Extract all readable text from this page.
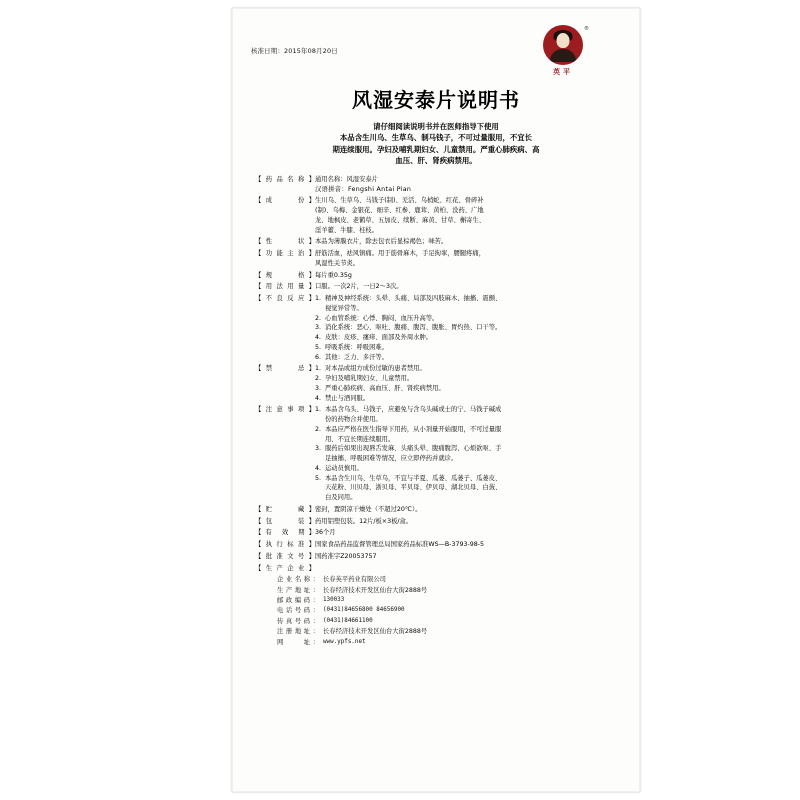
核准日期：2015年08月20日
®
英平
风湿安泰片说明书
请仔细阅读说明书并在医师指导下使用
本品含生川乌、生草乌、制马钱子，不可过量服用，不宜长
期连续服用。孕妇及哺乳期妇女、儿童禁用。严重心肺疾病、高
血压、肝、肾疾病禁用。
【药品名称】 通用名称：风湿安泰片
汉语拼音：Fengshi Antai Pian
【成　　份】 生川乌、生草乌、马钱子(制)、羌活、乌梢蛇、红花、骨碎补
(制)、乌梅、金银花、细辛、红参、鹿茸、黄柏、没药、广地
龙、地枫皮、老鹤草、五加皮、续断、麻黄、甘草、槲寄生、
淫羊藿、牛膝、桂枝。
【性　　状】 本品为薄膜衣片，除去包衣后显棕褐色；味苦。
【功能主治】 舒筋活血，祛风镇痛。用于筋骨麻木，手足拘挛，腰腿疼痛，
风湿性关节炎。
【规　　格】 每片重0.35g
【用法用量】 口服。一次2片，一日2～3次。
【不良反应】 1. 精神及神经系统：头晕、头痛、局部及四肢麻木、抽搐、震颤、
视觉异常等。
2. 心血管系统：心悸、胸闷、血压升高等。
3. 消化系统：恶心、呕吐、腹痛、腹泻、腹胀、胃灼热、口干等。
4. 皮肤：皮疹、瘙痒、面部及外周水肿。
5. 呼吸系统：呼吸困难。
6. 其他：乏力、多汗等。
【禁　　忌】 1. 对本品或组方成份过敏的患者禁用。
2. 孕妇及哺乳期妇女、儿童禁用。
3. 严重心肺疾病、高血压、肝、肾疾病禁用。
4. 禁止与酒同服。
【注意事项】 1. 本品含乌头、马钱子，应避免与含乌头碱或士的宁、马钱子碱成
份的药物合并使用。
2. 本品应严格在医生指导下用药，从小剂量开始服用，不可过量服
用、不宜长期连续服用。
3. 服药后如果出现唇舌发麻、头痛头晕、腹痛腹泻、心烦欲呕、手
足抽搐、呼吸困难等情况，应立即停药并就诊。
4. 运动员慎用。
5. 本品含生川乌、生草乌，不宜与半夏、瓜蒌、瓜蒌子、瓜蒌皮、
天花粉、川贝母、浙贝母、平贝母、伊贝母、湖北贝母、白蔹、
白及同用。
【贮　　藏】 密封，置阴凉干燥处（不超过20℃）。
【包　　装】 药用铝塑包装。12片/板×3板/盒。
【有 效 期】 36个月
【执行标准】 国家食品药品监督管理总局国家药品标准WS—B-3793-98-5
【批准文号】 国药准字Z20053757
【生产企业】
企业名称： 长春英平药业有限公司
生产地址： 长春经济技术开发区仙台大街2888号
邮政编码： 130033
电话号码： (0431)84656800 84656900
传真号码： (0431)84661100
注册地址： 长春经济技术开发区仙台大街2888号
网　　址： www.ypfs.net
